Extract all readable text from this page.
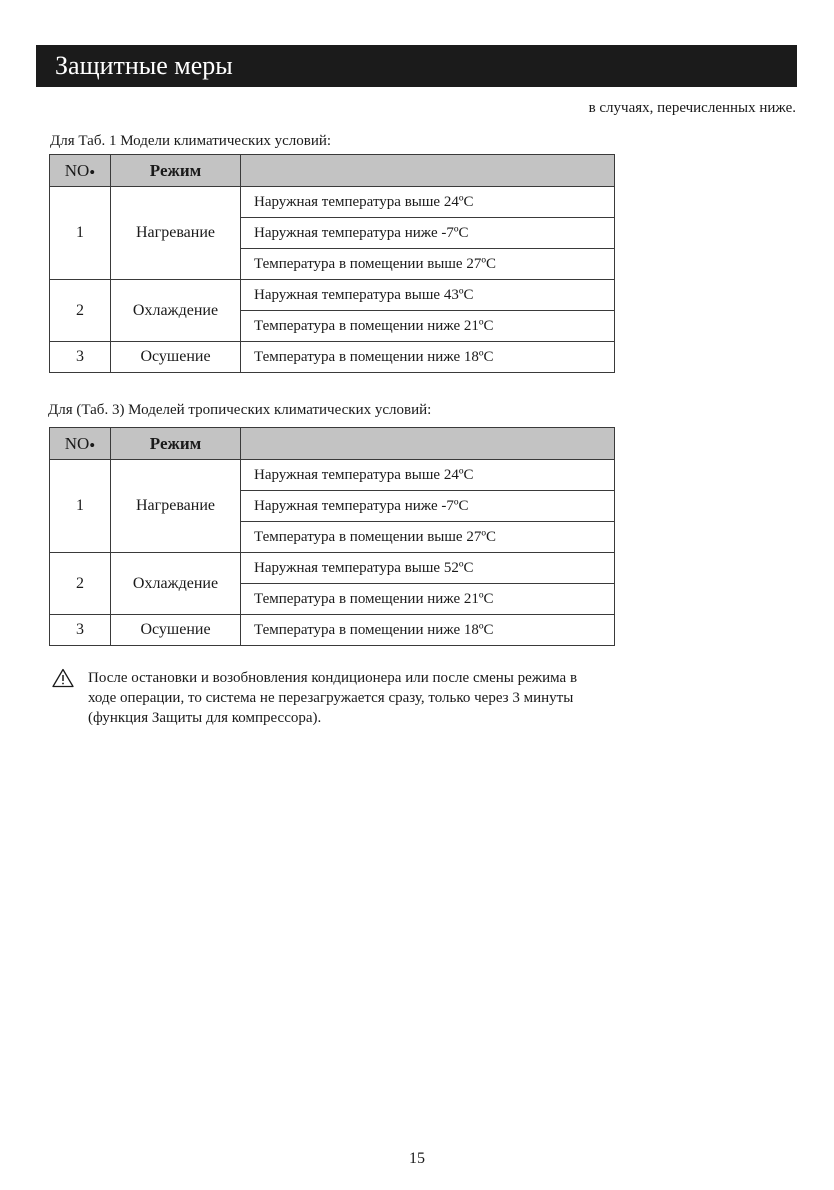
Защитные меры
в случаях, перечисленных ниже.
Для Таб. 1 Модели климатических условий:
NO•	Режим	
1	Нагревание	Наружная температура выше 24ºC
		Наружная температура ниже -7ºC
		Температура в помещении выше 27ºC
2	Охлаждение	Наружная температура выше 43ºC
		Температура в помещении ниже 21ºC
3	Осушение	Температура в помещении ниже 18ºC
Для (Таб. 3) Моделей тропических климатических условий:
NO•	Режим	
1	Нагревание	Наружная температура выше 24ºC
		Наружная температура ниже -7ºC
		Температура в помещении выше 27ºC
2	Охлаждение	Наружная температура выше 52ºC
		Температура в помещении ниже 21ºC
3	Осушение	Температура в помещении ниже 18ºC
После остановки и возобновления кондиционера или после смены режима в
ходе операции, то система не перезагружается сразу, только через 3 минуты
(функция Защиты для компрессора).
15
